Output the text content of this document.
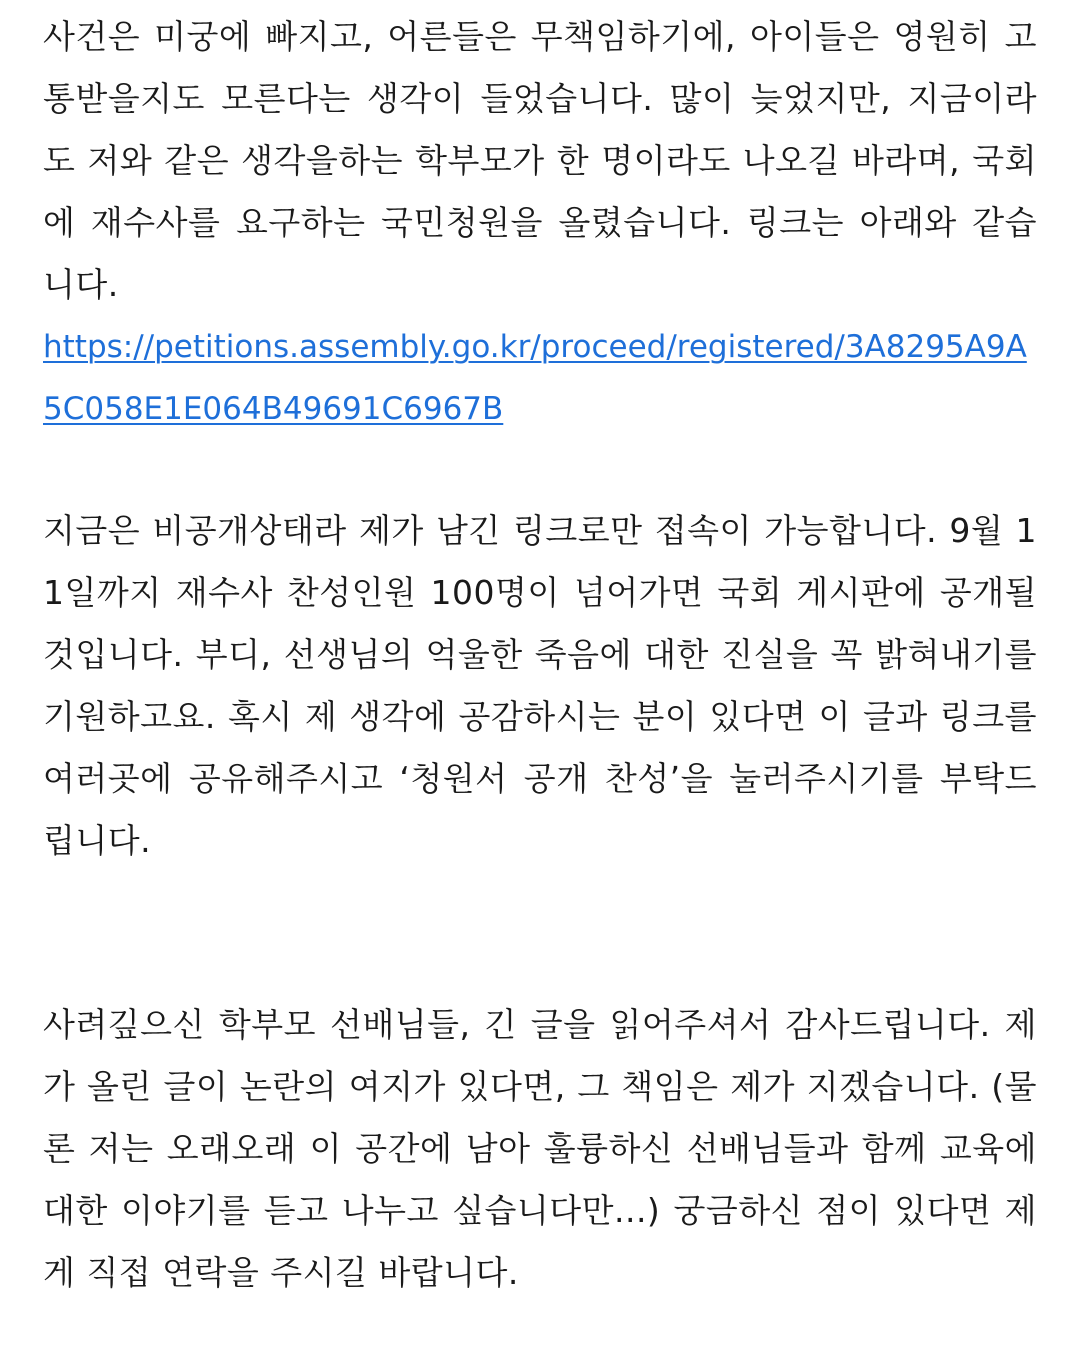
사건은 미궁에 빠지고, 어른들은 무책임하기에, 아이들은 영원히 고통받을지도 모른다는 생각이 들었습니다. 많이 늦었지만, 지금이라도 저와 같은 생각을하는 학부모가 한 명이라도 나오길 바라며, 국회에 재수사를 요구하는 국민청원을 올렸습니다. 링크는 아래와 같습니다.

https://petitions.assembly.go.kr/proceed/registered/3A8295A9A5C058E1E064B49691C6967B

지금은 비공개상태라 제가 남긴 링크로만 접속이 가능합니다. 9월 11일까지 재수사 찬성인원 100명이 넘어가면 국회 게시판에 공개될 것입니다. 부디, 선생님의 억울한 죽음에 대한 진실을 꼭 밝혀내기를 기원하고요. 혹시 제 생각에 공감하시는 분이 있다면 이 글과 링크를 여러곳에 공유해주시고 ‘청원서 공개 찬성’을 눌러주시기를 부탁드립니다.

사려깊으신 학부모 선배님들, 긴 글을 읽어주셔서 감사드립니다. 제가 올린 글이 논란의 여지가 있다면, 그 책임은 제가 지겠습니다. (물론 저는 오래오래 이 공간에 남아 훌륭하신 선배님들과 함께 교육에 대한 이야기를 듣고 나누고 싶습니다만...) 궁금하신 점이 있다면 제게 직접 연락을 주시길 바랍니다.
